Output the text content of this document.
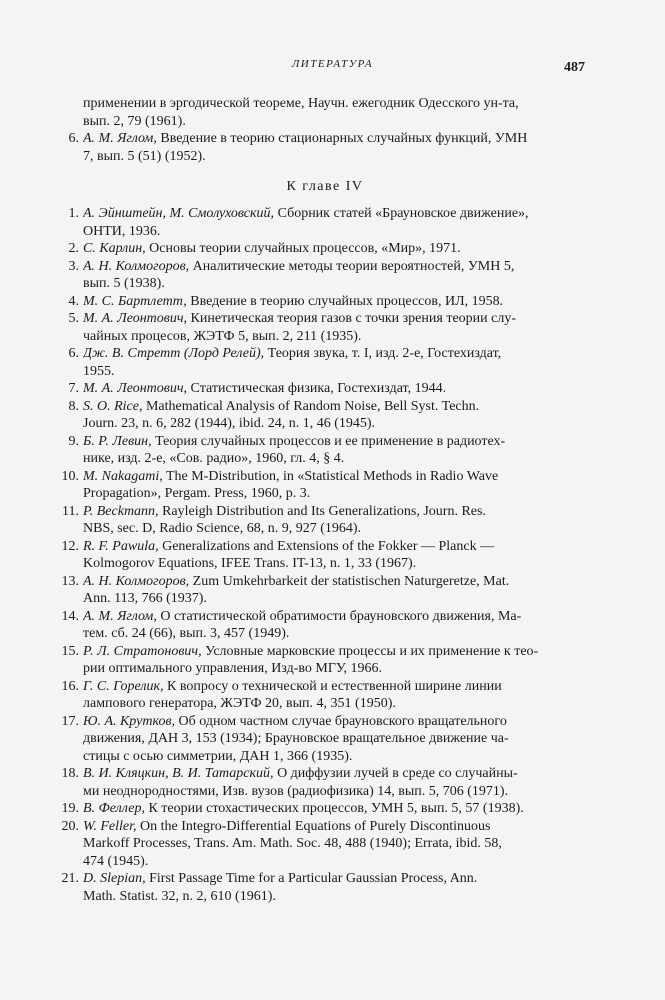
ЛИТЕРАТУРА	487
применении в эргодической теореме, Научн. ежегодник Одесского ун-та,
вып. 2, 79 (1961).
6. А. М. Яглом, Введение в теорию стационарных случайных функций, УМН
7, вып. 5 (51) (1952).
К главе IV
1. А. Эйнштейн, М. Смолуховский, Сборник статей «Брауновское движение»,
ОНТИ, 1936.
2. С. Карлин, Основы теории случайных процессов, «Мир», 1971.
3. А. Н. Колмогоров, Аналитические методы теории вероятностей, УМН 5,
вып. 5 (1938).
4. М. С. Бартлетт, Введение в теорию случайных процессов, ИЛ, 1958.
5. М. А. Леонтович, Кинетическая теория газов с точки зрения теории слу-
чайных процесов, ЖЭТФ 5, вып. 2, 211 (1935).
6. Дж. В. Стретт (Лорд Релей), Теория звука, т. I, изд. 2-е, Гостехиздат,
1955.
7. М. А. Леонтович, Статистическая физика, Гостехиздат, 1944.
8. S. O. Rice, Mathematical Analysis of Random Noise, Bell Syst. Techn.
Journ. 23, n. 6, 282 (1944), ibid. 24, n. 1, 46 (1945).
9. Б. Р. Левин, Теория случайных процессов и ее применение в радиотех-
нике, изд. 2-е, «Сов. радио», 1960, гл. 4, § 4.
10. M. Nakagami, The M-Distribution, in «Statistical Methods in Radio Wave
Propagation», Pergam. Press, 1960, p. 3.
11. P. Beckmann, Rayleigh Distribution and Its Generalizations, Journ. Res.
NBS, sec. D, Radio Science, 68, n. 9, 927 (1964).
12. R. F. Pawula, Generalizations and Extensions of the Fokker — Planck —
Kolmogorov Equations, IFEE Trans. IT-13, n. 1, 33 (1967).
13. А. Н. Колмогоров, Zum Umkehrbarkeit der statistischen Naturgeretze, Mat.
Ann. 113, 766 (1937).
14. А. М. Яглом, О статистической обратимости брауновского движения, Ма-
тем. сб. 24 (66), вып. 3, 457 (1949).
15. Р. Л. Стратонович, Условные марковские процессы и их применение к тео-
рии оптимального управления, Изд-во МГУ, 1966.
16. Г. С. Горелик, К вопросу о технической и естественной ширине линии
лампового генератора, ЖЭТФ 20, вып. 4, 351 (1950).
17. Ю. А. Крутков, Об одном частном случае брауновского вращательного
движения, ДАН 3, 153 (1934); Брауновское вращательное движение ча-
стицы с осью симметрии, ДАН 1, 366 (1935).
18. В. И. Кляцкин, В. И. Татарский, О диффузии лучей в среде со случайны-
ми неоднородностями, Изв. вузов (радиофизика) 14, вып. 5, 706 (1971).
19. В. Феллер, К теории стохастических процессов, УМН 5, вып. 5, 57 (1938).
20. W. Feller, On the Integro-Differential Equations of Purely Discontinuous
Markoff Processes, Trans. Am. Math. Soc. 48, 488 (1940); Errata, ibid. 58,
474 (1945).
21. D. Slepian, First Passage Time for a Particular Gaussian Process, Ann.
Math. Statist. 32, n. 2, 610 (1961).
